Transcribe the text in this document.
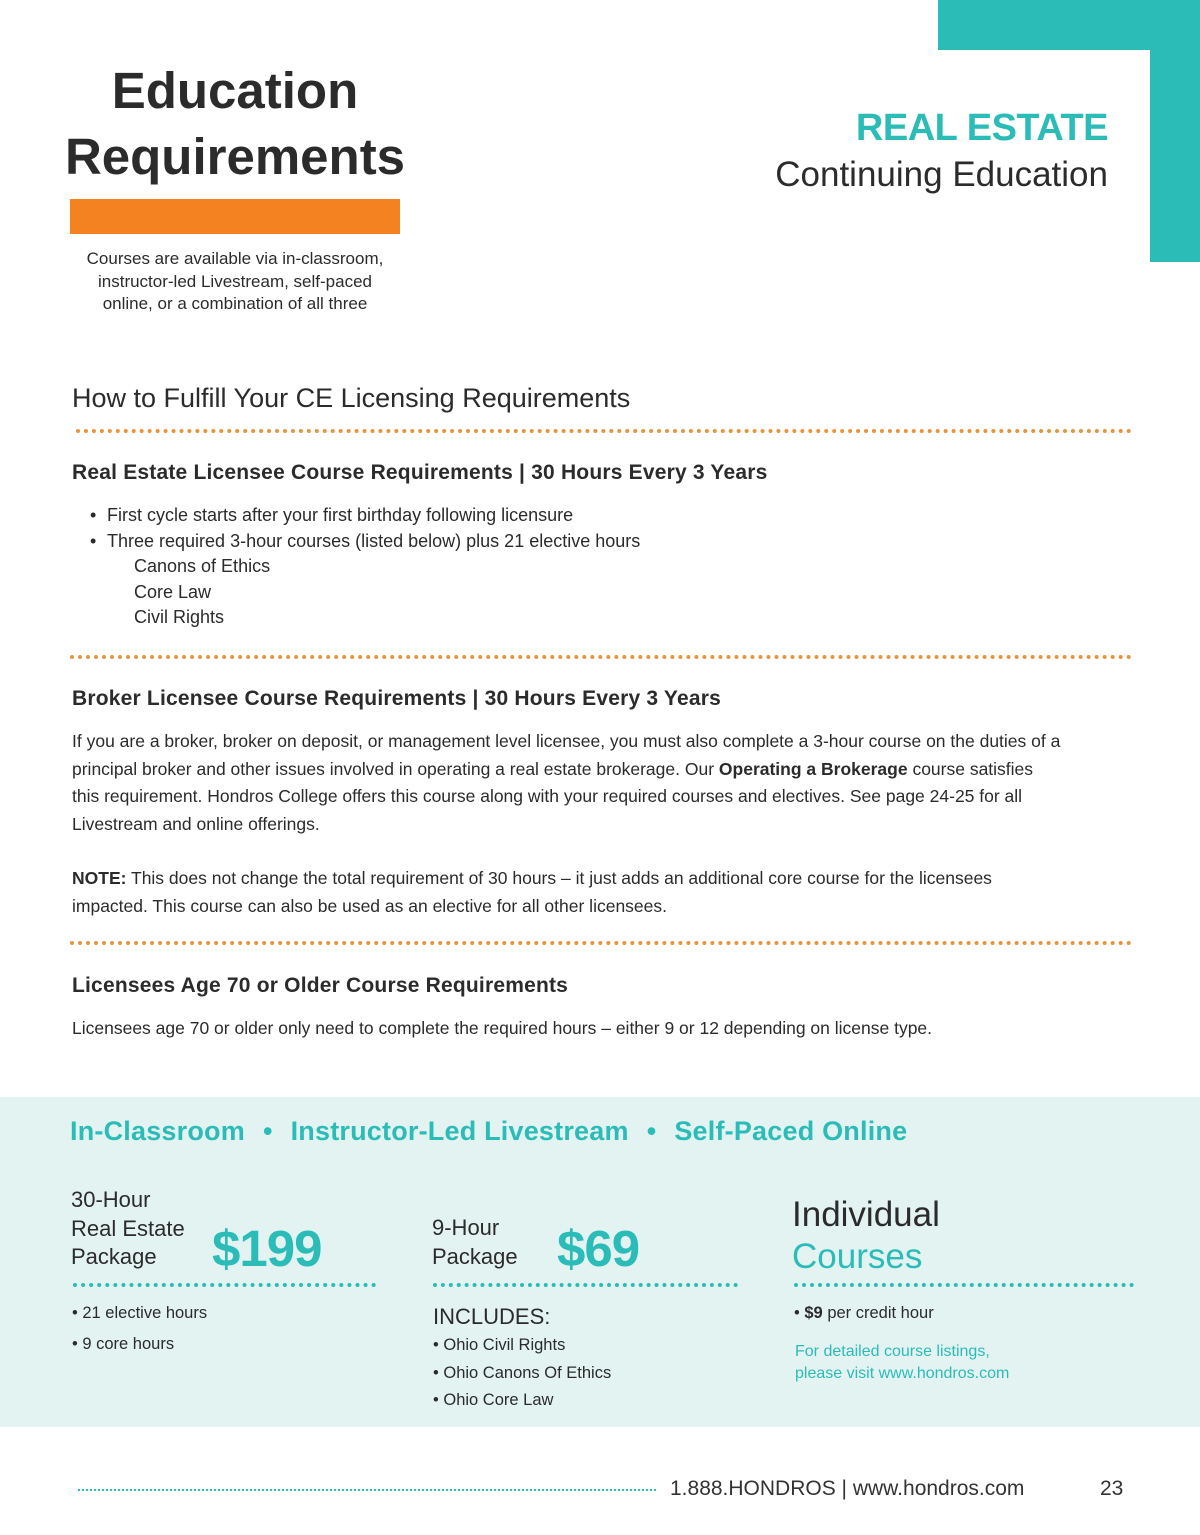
Education
Requirements
Courses are available via in-classroom,
instructor-led Livestream, self-paced
online, or a combination of all three
REAL ESTATE
Continuing Education
How to Fulfill Your CE Licensing Requirements
Real Estate Licensee Course Requirements | 30 Hours Every 3 Years
• First cycle starts after your first birthday following licensure
• Three required 3-hour courses (listed below) plus 21 elective hours
Canons of Ethics
Core Law
Civil Rights
Broker Licensee Course Requirements | 30 Hours Every 3 Years
If you are a broker, broker on deposit, or management level licensee, you must also complete a 3-hour course on the duties of a principal broker and other issues involved in operating a real estate brokerage. Our Operating a Brokerage course satisfies this requirement. Hondros College offers this course along with your required courses and electives. See page 24-25 for all Livestream and online offerings.
NOTE: This does not change the total requirement of 30 hours – it just adds an additional core course for the licensees impacted. This course can also be used as an elective for all other licensees.
Licensees Age 70 or Older Course Requirements
Licensees age 70 or older only need to complete the required hours – either 9 or 12 depending on license type.
In-Classroom • Instructor-Led Livestream • Self-Paced Online
30-Hour
Real Estate
Package	$199
• 21 elective hours
• 9 core hours
9-Hour
Package $69
INCLUDES:
• Ohio Civil Rights
• Ohio Canons Of Ethics
• Ohio Core Law
Individual
Courses
• $9 per credit hour
For detailed course listings,
please visit www.hondros.com
1.888.HONDROS | www.hondros.com	23
